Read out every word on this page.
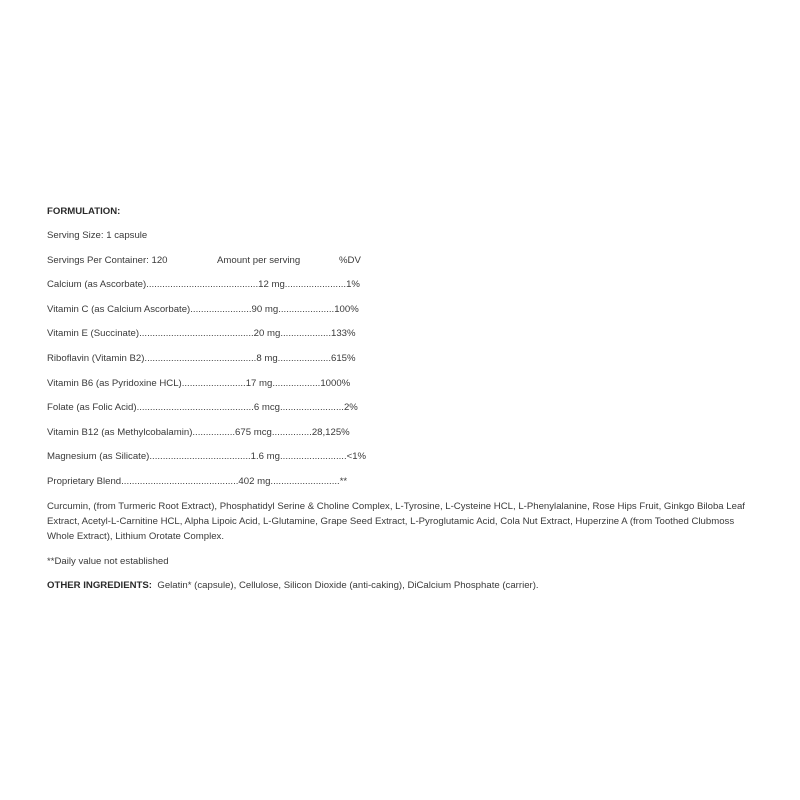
FORMULATION:
Serving Size: 1 capsule
Servings Per Container: 120	Amount per serving	%DV
Calcium (as Ascorbate)..........................................12 mg.......................1%
Vitamin C (as Calcium Ascorbate).......................90 mg.....................100%
Vitamin E (Succinate)...........................................20 mg...................133%
Riboflavin (Vitamin B2)..........................................8 mg....................615%
Vitamin B6 (as Pyridoxine HCL)........................17 mg..................1000%
Folate (as Folic Acid)............................................6 mcg........................2%
Vitamin B12 (as Methylcobalamin)................675 mcg...............28,125%
Magnesium (as Silicate)......................................1.6 mg.........................<1%
Proprietary Blend............................................402 mg..........................**
Curcumin, (from Turmeric Root Extract), Phosphatidyl Serine & Choline Complex, L-Tyrosine, L-Cysteine HCL, L-Phenylalanine, Rose Hips Fruit, Ginkgo Biloba Leaf Extract, Acetyl-L-Carnitine HCL, Alpha Lipoic Acid, L-Glutamine, Grape Seed Extract, L-Pyroglutamic Acid, Cola Nut Extract, Huperzine A (from Toothed Clubmoss Whole Extract), Lithium Orotate Complex.
**Daily value not established
OTHER INGREDIENTS: Gelatin* (capsule), Cellulose, Silicon Dioxide (anti-caking), DiCalcium Phosphate (carrier).
